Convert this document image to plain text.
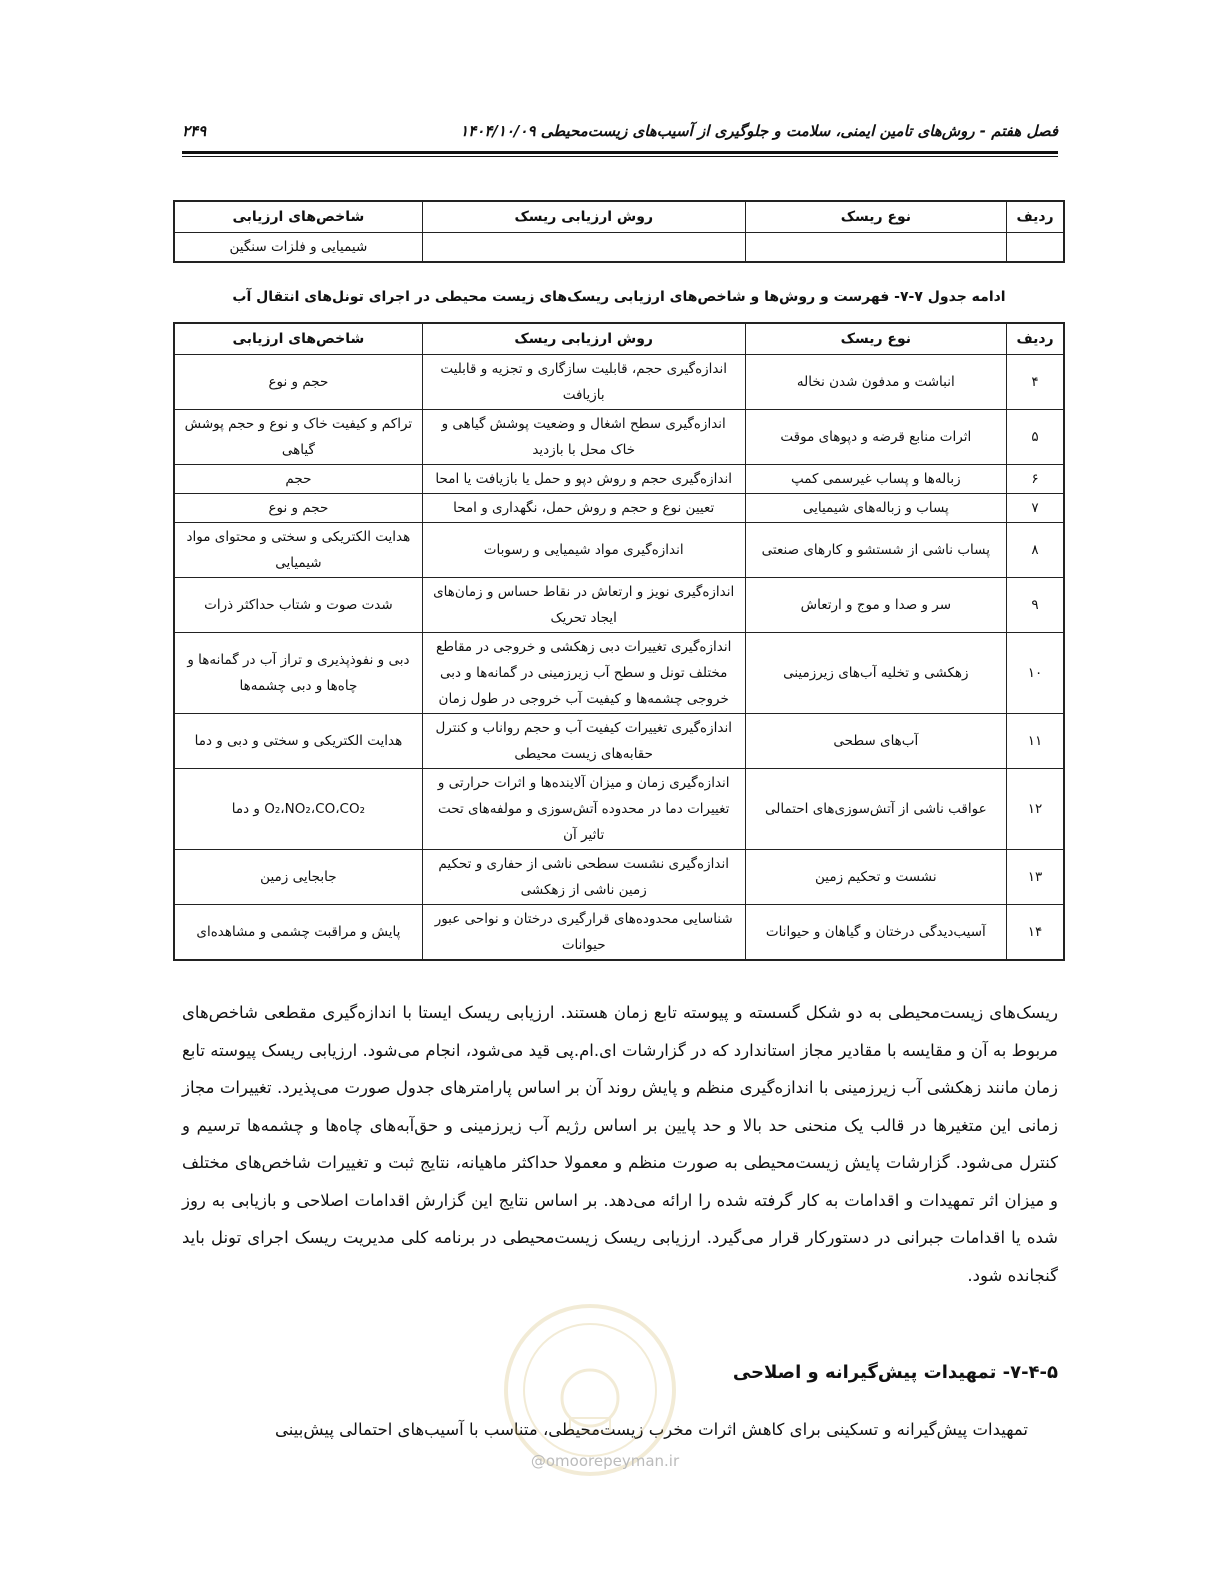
فصل هفتم - روش‌های تامین ایمنی، سلامت و جلوگیری از آسیب‌های زیست‌محیطی ۱۴۰۴/۱۰/۰۹
۲۴۹
ردیف	نوع ریسک	روش ارزیابی ریسک	شاخص‌های ارزیابی
			شیمیایی و فلزات سنگین
ادامه جدول ۷-۷- فهرست و روش‌ها و شاخص‌های ارزیابی ریسک‌های زیست محیطی در اجرای تونل‌های انتقال آب
ردیف	نوع ریسک	روش ارزیابی ریسک	شاخص‌های ارزیابی
۴	انباشت و مدفون شدن نخاله	اندازه‌گیری حجم، قابلیت سازگاری و تجزیه و قابلیت بازیافت	حجم و نوع
۵	اثرات منابع قرضه و دپوهای موقت	اندازه‌گیری سطح اشغال و وضعیت پوشش گیاهی و خاک محل با بازدید	تراکم و کیفیت خاک و نوع و حجم پوشش گیاهی
۶	زباله‌ها و پساب غیرسمی کمپ	اندازه‌گیری حجم و روش دپو و حمل یا بازیافت یا امحا	حجم
۷	پساب و زباله‌های شیمیایی	تعیین نوع و حجم و روش حمل، نگهداری و امحا	حجم و نوع
۸	پساب ناشی از شستشو و کارهای صنعتی	اندازه‌گیری مواد شیمیایی و رسوبات	هدایت الکتریکی و سختی و محتوای مواد شیمیایی
۹	سر و صدا و موج و ارتعاش	اندازه‌گیری نویز و ارتعاش در نقاط حساس و زمان‌های ایجاد تحریک	شدت صوت و شتاب حداکثر ذرات
۱۰	زهکشی و تخلیه آب‌های زیرزمینی	اندازه‌گیری تغییرات دبی زهکشی و خروجی در مقاطع مختلف تونل و سطح آب زیرزمینی در گمانه‌ها و دبی خروجی چشمه‌ها و کیفیت آب خروجی در طول زمان	دبی و نفوذپذیری و تراز آب در گمانه‌ها و چاه‌ها و دبی چشمه‌ها
۱۱	آب‌های سطحی	اندازه‌گیری تغییرات کیفیت آب و حجم رواناب و کنترل حقابه‌های زیست محیطی	هدایت الکتریکی و سختی و دبی و دما
۱۲	عواقب ناشی از آتش‌سوزی‌های احتمالی	اندازه‌گیری زمان و میزان آلاینده‌ها و اثرات حرارتی و تغییرات دما در محدوده آتش‌سوزی و مولفه‌های تحت تاثیر آن	O₂،NO₂،CO،CO₂ و دما
۱۳	نشست و تحکیم زمین	اندازه‌گیری نشست سطحی ناشی از حفاری و تحکیم زمین ناشی از زهکشی	جابجایی زمین
۱۴	آسیب‌دیدگی درختان و گیاهان و حیوانات	شناسایی محدوده‌های قرارگیری درختان و نواحی عبور حیوانات	پایش و مراقبت چشمی و مشاهده‌ای
ریسک‌های زیست‌محیطی به دو شکل گسسته و پیوسته تابع زمان هستند. ارزیابی ریسک ایستا با اندازه‌گیری مقطعی شاخص‌های مربوط به آن و مقایسه با مقادیر مجاز استاندارد که در گزارشات ای.ام.پی قید می‌شود، انجام می‌شود. ارزیابی ریسک پیوسته تابع زمان مانند زهکشی آب زیرزمینی با اندازه‌گیری منظم و پایش روند آن بر اساس پارامترهای جدول صورت می‌پذیرد. تغییرات مجاز زمانی این متغیرها در قالب یک منحنی حد بالا و حد پایین بر اساس رژیم آب زیرزمینی و حق‌آبه‌های چاه‌ها و چشمه‌ها ترسیم و کنترل می‌شود. گزارشات پایش زیست‌محیطی به صورت منظم و معمولا حداکثر ماهیانه، نتایج ثبت و تغییرات شاخص‌های مختلف و میزان اثر تمهیدات و اقدامات به کار گرفته شده را ارائه می‌دهد. بر اساس نتایج این گزارش اقدامات اصلاحی و بازیابی به روز شده یا اقدامات جبرانی در دستورکار قرار می‌گیرد. ارزیابی ریسک زیست‌محیطی در برنامه کلی مدیریت ریسک اجرای تونل باید گنجانده شود.
۷-۴-۵- تمهیدات پیش‌گیرانه و اصلاحی
تمهیدات پیش‌گیرانه و تسکینی برای کاهش اثرات مخرب زیست‌محیطی، متناسب با آسیب‌های احتمالی پیش‌بینی
@omoorepeyman.ir
